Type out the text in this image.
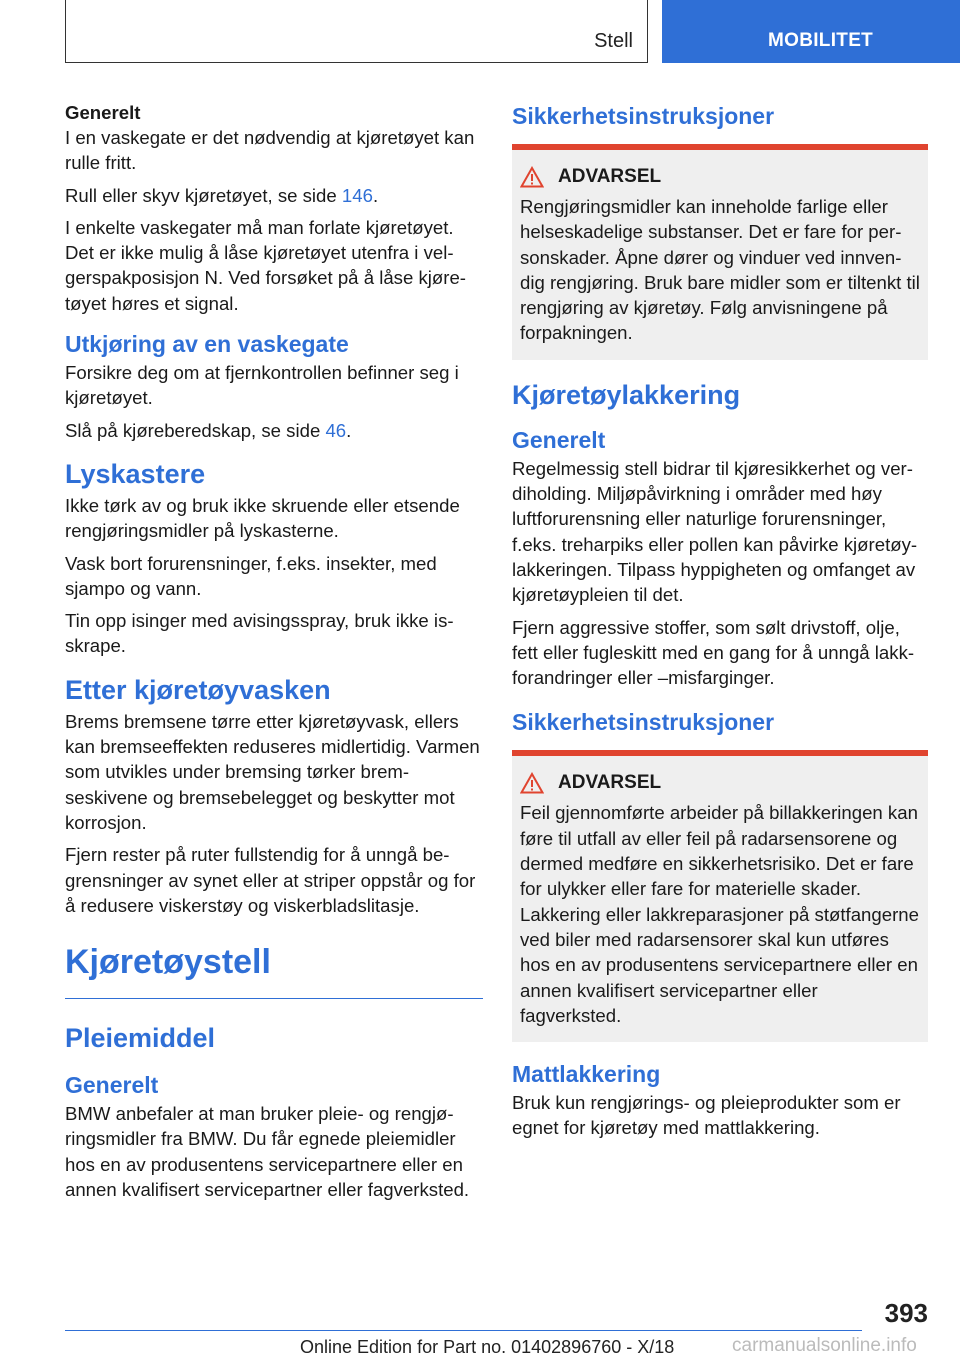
Stell	MOBILITET

Generelt

I en vaskegate er det nødvendig at kjøretøyet kan rulle fritt.

Rull eller skyv kjøretøyet, se side 146.

I enkelte vaskegater må man forlate kjøretøyet. Det er ikke mulig å låse kjøretøyet utenfra i velgerspakposisjon N. Ved forsøket på å låse kjøretøyet høres et signal.

Utkjøring av en vaskegate

Forsikre deg om at fjernkontrollen befinner seg i kjøretøyet.

Slå på kjøreberedskap, se side 46.

Lyskastere

Ikke tørk av og bruk ikke skruende eller etsende rengjøringsmidler på lyskasterne.

Vask bort forurensninger, f.eks. insekter, med sjampo og vann.

Tin opp isinger med avisingsspray, bruk ikke isskrape.

Etter kjøretøyvasken

Brems bremsene tørre etter kjøretøyvask, ellers kan bremseeffekten reduseres midlertidig. Varmen som utvikles under bremsing tørker bremseskivene og bremsebelegget og beskytter mot korrosjon.

Fjern rester på ruter fullstendig for å unngå begrensninger av synet eller at striper oppstår og for å redusere viskerstøy og viskerbladslitasje.

Kjøretøystell
Pleiemiddel
Generelt

BMW anbefaler at man bruker pleie- og rengjøringsmidler fra BMW. Du får egnede pleiemidler hos en av produsentens servicepartnere eller en annen kvalifisert servicepartner eller fagverksted.

Sikkerhetsinstruksjoner
ADVARSEL

Rengjøringsmidler kan inneholde farlige eller helseskadelige substanser. Det er fare for personskader. Åpne dører og vinduer ved innvendig rengjøring. Bruk bare midler som er tiltenkt til rengjøring av kjøretøy. Følg anvisningene på forpakningen.

Kjøretøylakkering
Generelt

Regelmessig stell bidrar til kjøresikkerhet og verdiholding. Miljøpåvirkning i områder med høy luftforurensning eller naturlige forurensninger, f.eks. treharpiks eller pollen kan påvirke kjøretøylakkeringen. Tilpass hyppigheten og omfanget av kjøretøypleien til det.

Fjern aggressive stoffer, som sølt drivstoff, olje, fett eller fugleskitt med en gang for å unngå lakkforandringer eller –misfarginger.

Sikkerhetsinstruksjoner
ADVARSEL

Feil gjennomførte arbeider på billakkeringen kan føre til utfall av eller feil på radarsensorene og dermed medføre en sikkerhetsrisiko. Det er fare for ulykker eller fare for materielle skader. Lakkering eller lakkreparasjoner på støtfangerne ved biler med radarsensorer skal kun utføres hos en av produsentens servicepartnere eller en annen kvalifisert servicepartner eller fagverksted.

Mattlakkering

Bruk kun rengjørings- og pleieprodukter som er egnet for kjøretøy med mattlakkering.

393
Online Edition for Part no. 01402896760 - X/18	carmanualsonline.info
